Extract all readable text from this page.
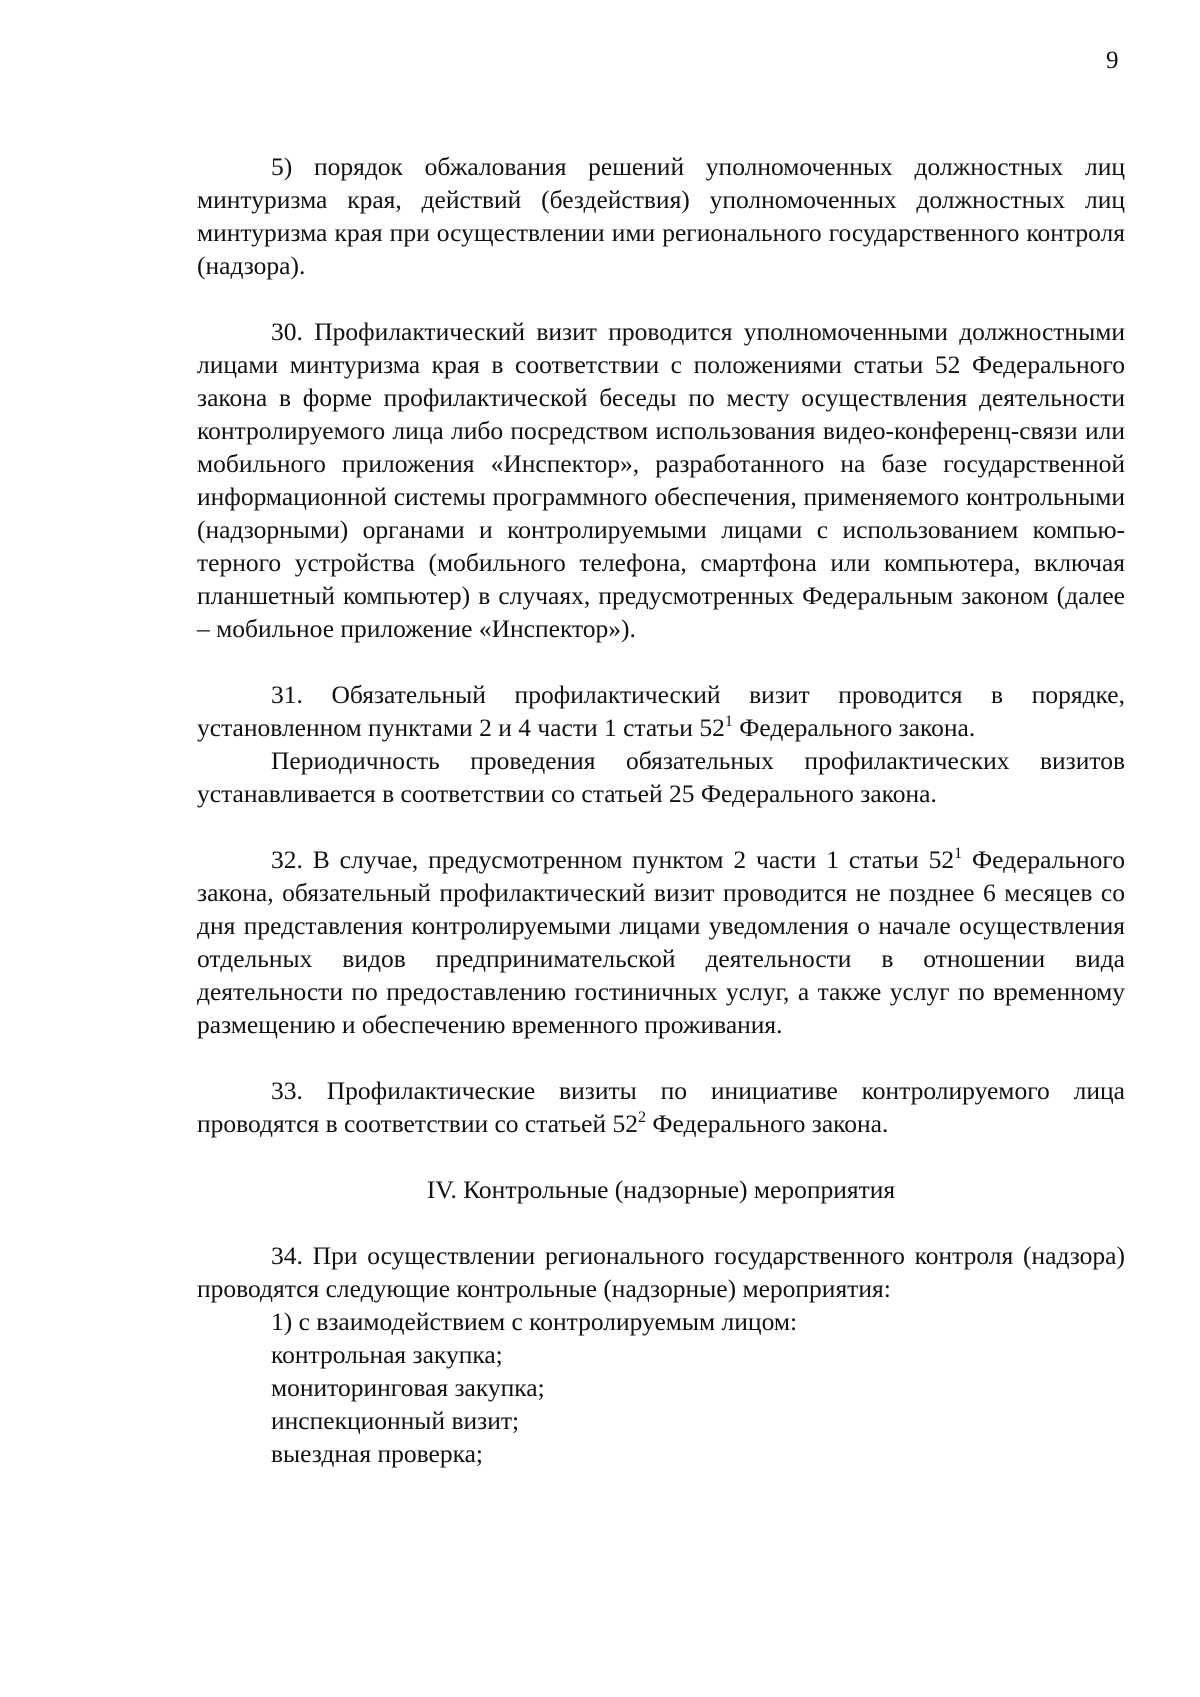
9

5) порядок обжалования решений уполномоченных должностных лиц минтуризма края, действий (бездействия) уполномоченных должностных лиц минтуризма края при осуществлении ими регионального государственного контроля (надзора).

30. Профилактический визит проводится уполномоченными должностными лицами минтуризма края в соответствии с положениями статьи 52 Федерального закона в форме профилактической беседы по месту осуществления деятельности контролируемого лица либо посредством использования видео-конференц-связи или мобильного приложения «Инспектор», разработанного на базе государственной информационной системы программного обеспечения, применяемого контрольными (надзорными) органами и контролируемыми лицами с использованием компьютерного устройства (мобильного телефона, смартфона или компьютера, включая планшетный компьютер) в случаях, предусмотренных Федеральным законом (далее – мобильное приложение «Инспектор»).

31. Обязательный профилактический визит проводится в порядке, установленном пунктами 2 и 4 части 1 статьи $52^1$ Федерального закона.

Периодичность проведения обязательных профилактических визитов устанавливается в соответствии со статьей 25 Федерального закона.

32. В случае, предусмотренном пунктом 2 части 1 статьи $52^1$ Федерального закона, обязательный профилактический визит проводится не позднее 6 месяцев со дня представления контролируемыми лицами уведомления о начале осуществления отдельных видов предпринимательской деятельности в отношении вида деятельности по предоставлению гостиничных услуг, а также услуг по временному размещению и обеспечению временного проживания.

33. Профилактические визиты по инициативе контролируемого лица проводятся в соответствии со статьей $52^2$ Федерального закона.

IV. Контрольные (надзорные) мероприятия

34. При осуществлении регионального государственного контроля (надзора) проводятся следующие контрольные (надзорные) мероприятия:

1) с взаимодействием с контролируемым лицом:

контрольная закупка;

мониторинговая закупка;

инспекционный визит;

выездная проверка;
